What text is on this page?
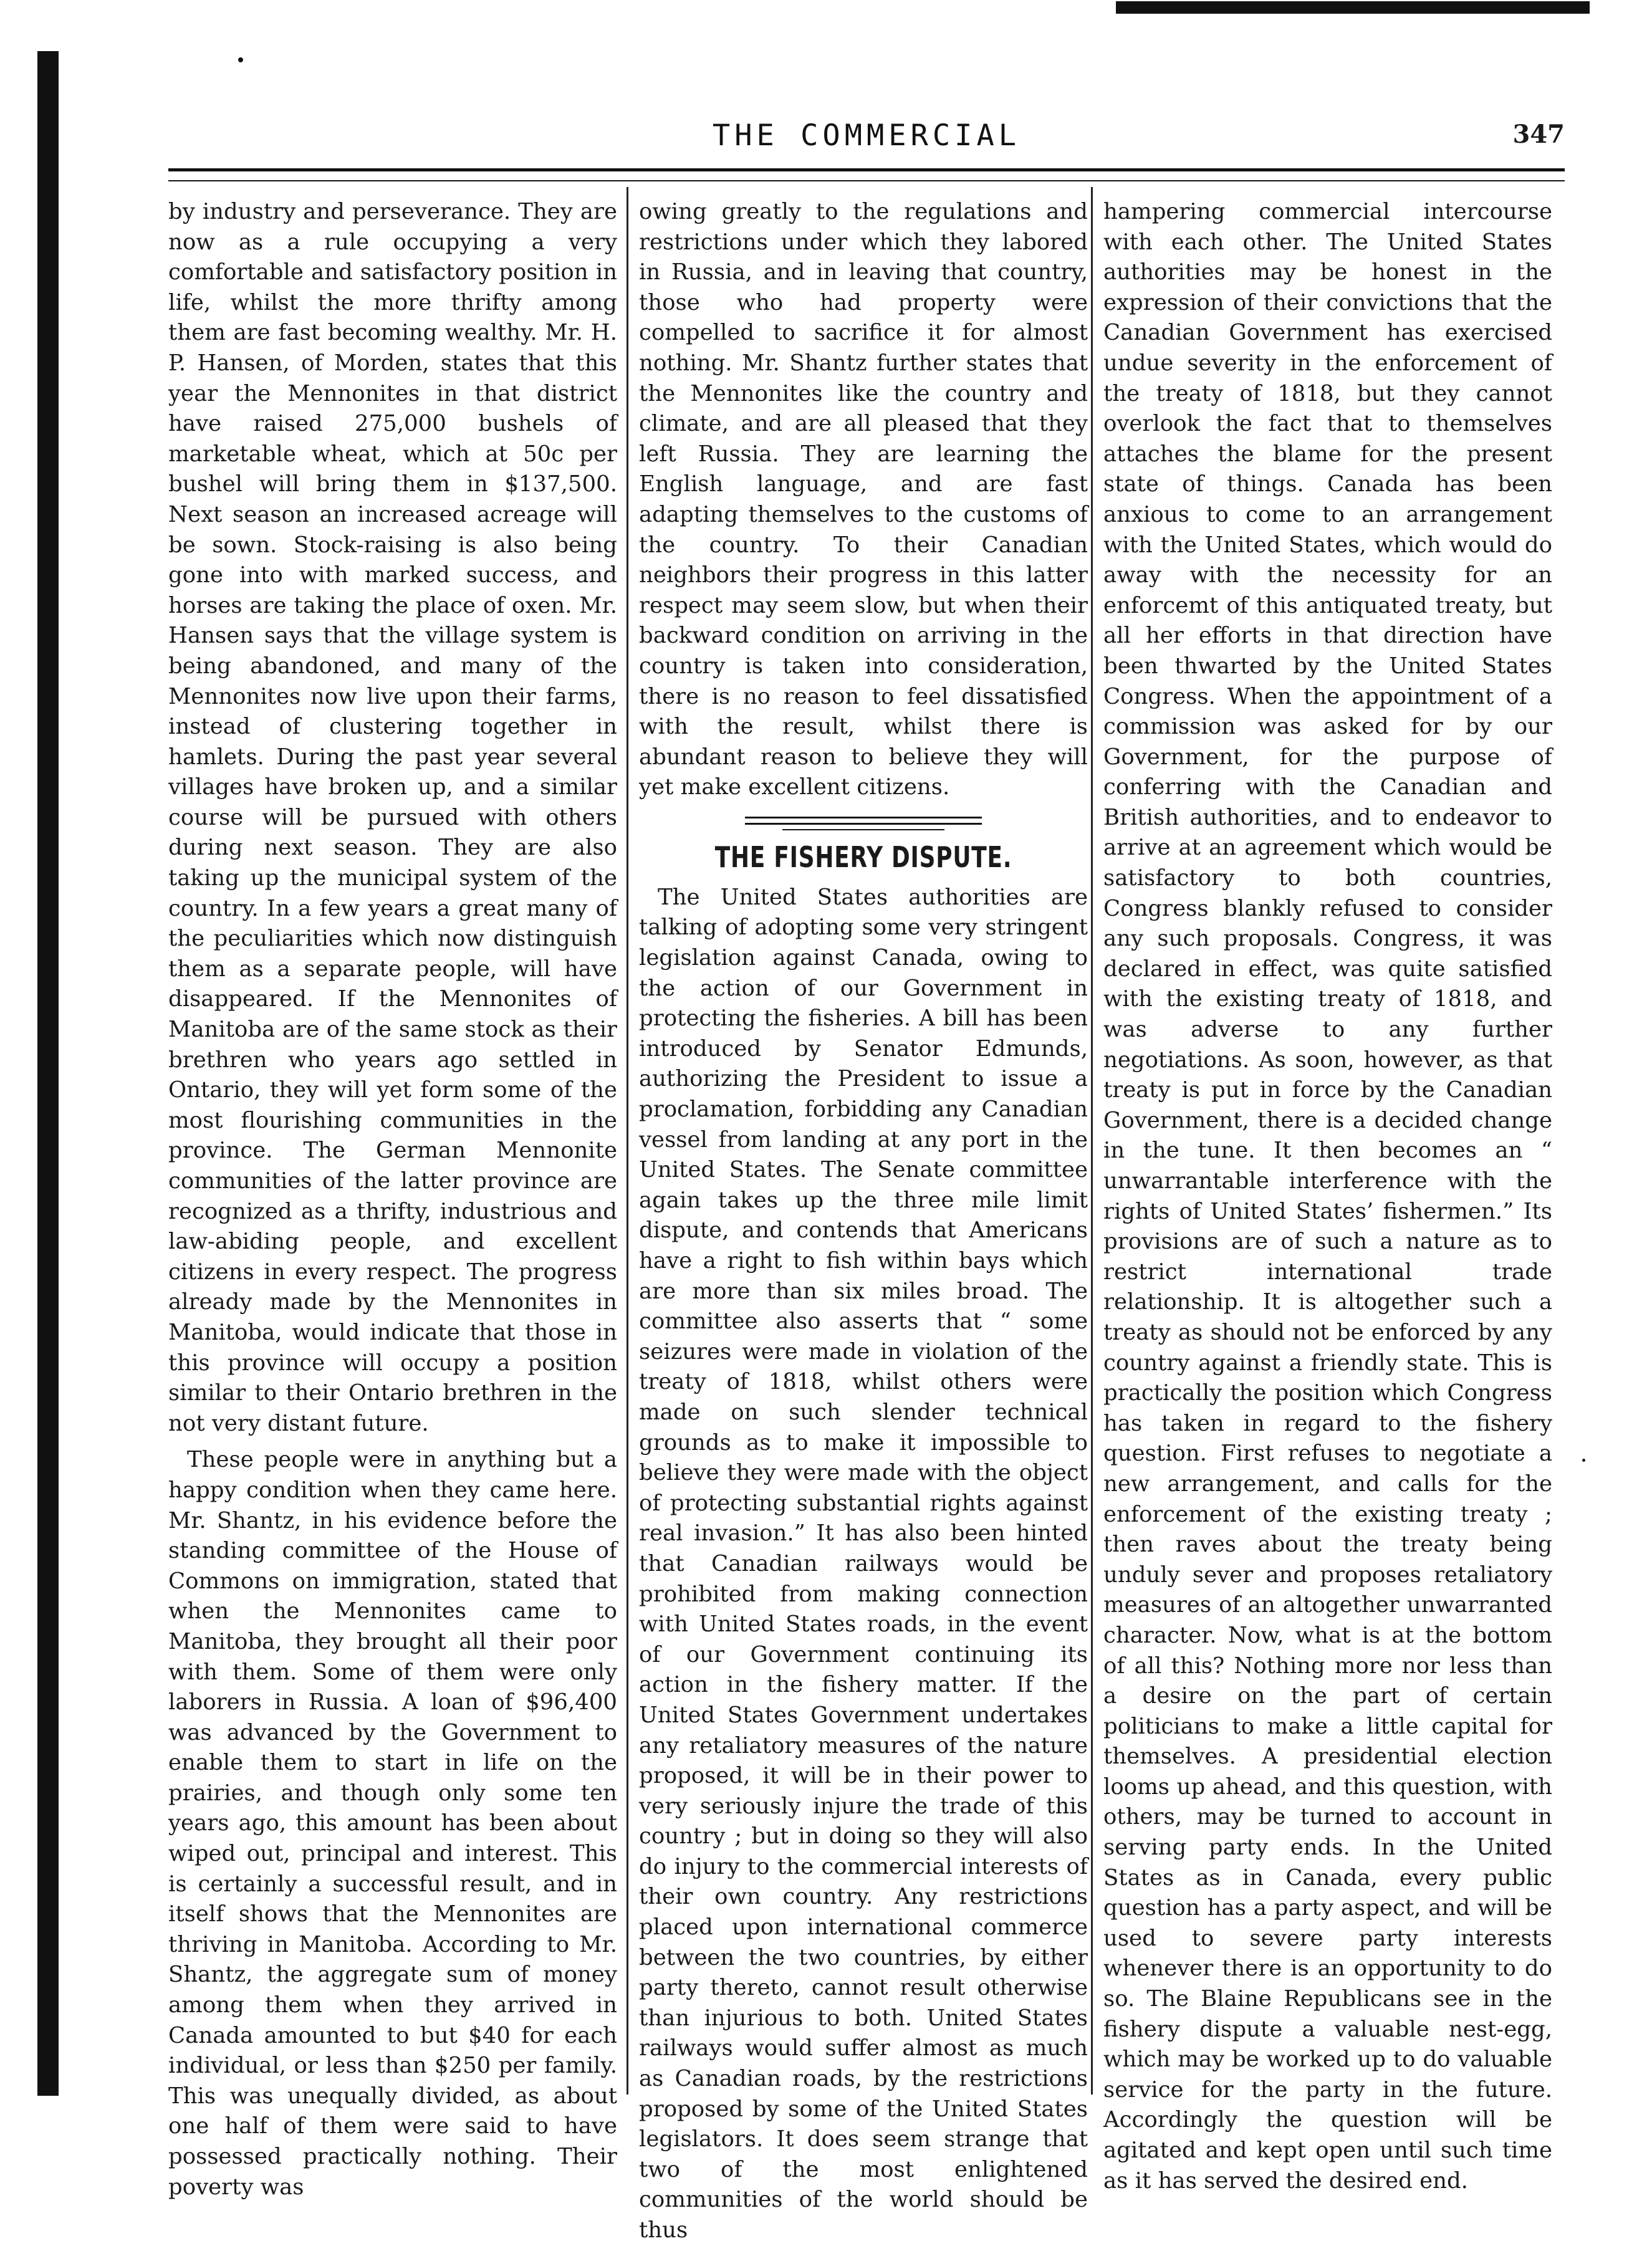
THE COMMERCIAL	347

by industry and perseverance. They are now as a rule occupying a very comfortable and satisfactory position in life, whilst the more thrifty among them are fast becoming wealthy. Mr. H. P. Hansen, of Morden, states that this year the Mennonites in that district have raised 275,000 bushels of marketable wheat, which at 50c per bushel will bring them in $137,500. Next season an increased acreage will be sown. Stock-raising is also being gone into with marked success, and horses are taking the place of oxen. Mr. Hansen says that the village system is being abandoned, and many of the Mennonites now live upon their farms, instead of clustering together in hamlets. During the past year several villages have broken up, and a similar course will be pursued with others during next season. They are also taking up the municipal system of the country. In a few years a great many of the peculiarities which now distinguish them as a separate people, will have disappeared. If the Mennonites of Manitoba are of the same stock as their brethren who years ago settled in Ontario, they will yet form some of the most flourishing communities in the province. The German Mennonite communities of the latter province are recognized as a thrifty, industrious and law-abiding people, and excellent citizens in every respect. The progress already made by the Mennonites in Manitoba, would indicate that those in this province will occupy a position similar to their Ontario brethren in the not very distant future.

These people were in anything but a happy condition when they came here. Mr. Shantz, in his evidence before the standing committee of the House of Commons on immigration, stated that when the Mennonites came to Manitoba, they brought all their poor with them. Some of them were only laborers in Russia. A loan of $96,400 was advanced by the Government to enable them to start in life on the prairies, and though only some ten years ago, this amount has been about wiped out, principal and interest. This is certainly a successful result, and in itself shows that the Mennonites are thriving in Manitoba. According to Mr. Shantz, the aggregate sum of money among them when they arrived in Canada amounted to but $40 for each individual, or less than $250 per family. This was unequally divided, as about one half of them were said to have possessed practically nothing. Their poverty was

owing greatly to the regulations and restrictions under which they labored in Russia, and in leaving that country, those who had property were compelled to sacrifice it for almost nothing. Mr. Shantz further states that the Mennonites like the country and climate, and are all pleased that they left Russia. They are learning the English language, and are fast adapting themselves to the customs of the country. To their Canadian neighbors their progress in this latter respect may seem slow, but when their backward condition on arriving in the country is taken into consideration, there is no reason to feel dissatisfied with the result, whilst there is abundant reason to believe they will yet make excellent citizens.

THE FISHERY DISPUTE.

The United States authorities are talking of adopting some very stringent legislation against Canada, owing to the action of our Government in protecting the fisheries. A bill has been introduced by Senator Edmunds, authorizing the President to issue a proclamation, forbidding any Canadian vessel from landing at any port in the United States. The Senate committee again takes up the three mile limit dispute, and contends that Americans have a right to fish within bays which are more than six miles broad. The committee also asserts that “ some seizures were made in violation of the treaty of 1818, whilst others were made on such slender technical grounds as to make it impossible to believe they were made with the object of protecting substantial rights against real invasion.” It has also been hinted that Canadian railways would be prohibited from making connection with United States roads, in the event of our Government continuing its action in the fishery matter. If the United States Government undertakes any retaliatory measures of the nature proposed, it will be in their power to very seriously injure the trade of this country ; but in doing so they will also do injury to the commercial interests of their own country. Any restrictions placed upon international commerce between the two countries, by either party thereto, cannot result otherwise than injurious to both. United States railways would suffer almost as much as Canadian roads, by the restrictions proposed by some of the United States legislators. It does seem strange that two of the most enlightened communities of the world should be thus

hampering commercial intercourse with each other. The United States authorities may be honest in the expression of their convictions that the Canadian Government has exercised undue severity in the enforcement of the treaty of 1818, but they cannot overlook the fact that to themselves attaches the blame for the present state of things. Canada has been anxious to come to an arrangement with the United States, which would do away with the necessity for an enforcemt of this antiquated treaty, but all her efforts in that direction have been thwarted by the United States Congress. When the appointment of a commission was asked for by our Government, for the purpose of conferring with the Canadian and British authorities, and to endeavor to arrive at an agreement which would be satisfactory to both countries, Congress blankly refused to consider any such proposals. Congress, it was declared in effect, was quite satisfied with the existing treaty of 1818, and was adverse to any further negotiations. As soon, however, as that treaty is put in force by the Canadian Government, there is a decided change in the tune. It then becomes an “ unwarrantable interference with the rights of United States’ fishermen.” Its provisions are of such a nature as to restrict international trade relationship. It is altogether such a treaty as should not be enforced by any country against a friendly state. This is practically the position which Congress has taken in regard to the fishery question. First refuses to negotiate a new arrangement, and calls for the enforcement of the existing treaty ; then raves about the treaty being unduly sever and proposes retaliatory measures of an altogether unwarranted character. Now, what is at the bottom of all this? Nothing more nor less than a desire on the part of certain politicians to make a little capital for themselves. A presidential election looms up ahead, and this question, with others, may be turned to account in serving party ends. In the United States as in Canada, every public question has a party aspect, and will be used to severe party interests whenever there is an opportunity to do so. The Blaine Republicans see in the fishery dispute a valuable nest-egg, which may be worked up to do valuable service for the party in the future. Accordingly the question will be agitated and kept open until such time as it has served the desired end.
